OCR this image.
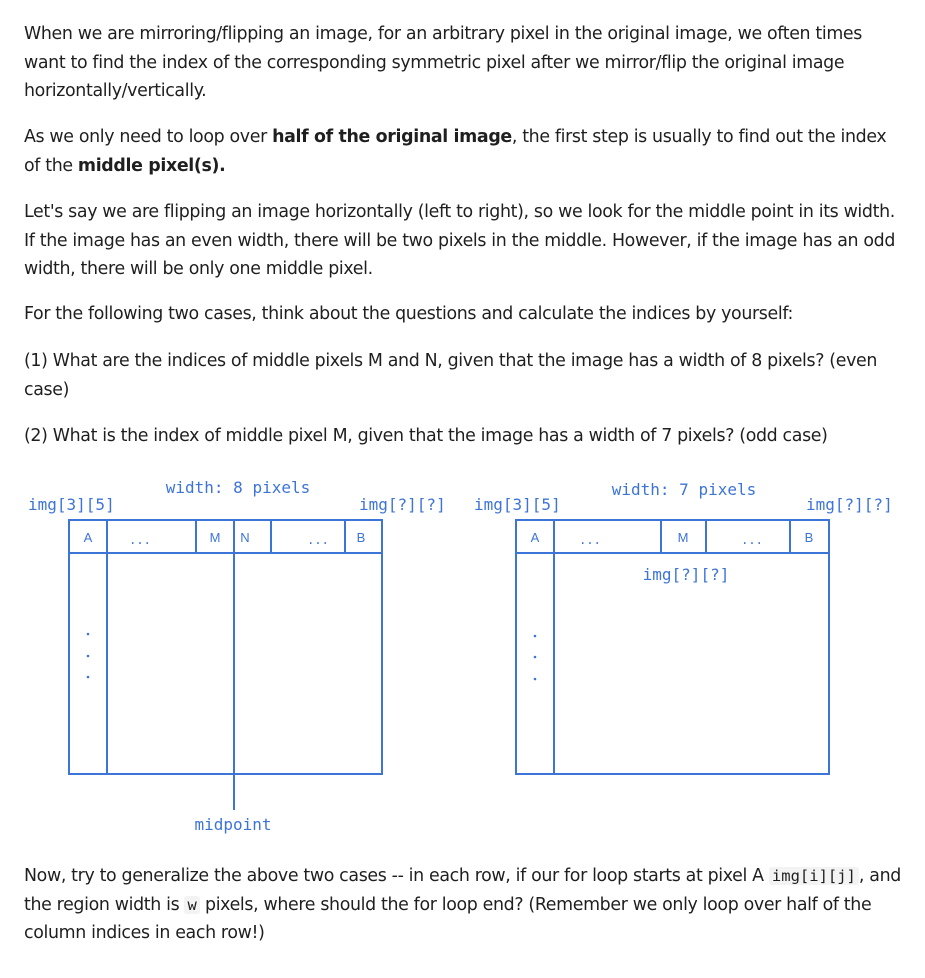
When we are mirroring/flipping an image, for an arbitrary pixel in the original image, we often times want to find the index of the corresponding symmetric pixel after we mirror/flip the original image horizontally/vertically.

As we only need to loop over half of the original image, the first step is usually to find out the index of the middle pixel(s).

Let's say we are flipping an image horizontally (left to right), so we look for the middle point in its width. If the image has an even width, there will be two pixels in the middle. However, if the image has an odd width, there will be only one middle pixel.

For the following two cases, think about the questions and calculate the indices by yourself:

(1) What are the indices of middle pixels M and N, given that the image has a width of 8 pixels? (even case)

(2) What is the index of middle pixel M, given that the image has a width of 7 pixels? (odd case)

width: 8 pixels
img[3][5]	img[?][?]
A	...	M N	... B
midpoint
width: 7 pixels
img[3][5]	img[?][?]
A	...	M	...	B
img[?][?]

Now, try to generalize the above two cases -- in each row, if our for loop starts at pixel A img[i][j] , and the region width is w pixels, where should the for loop end? (Remember we only loop over half of the column indices in each row!)
